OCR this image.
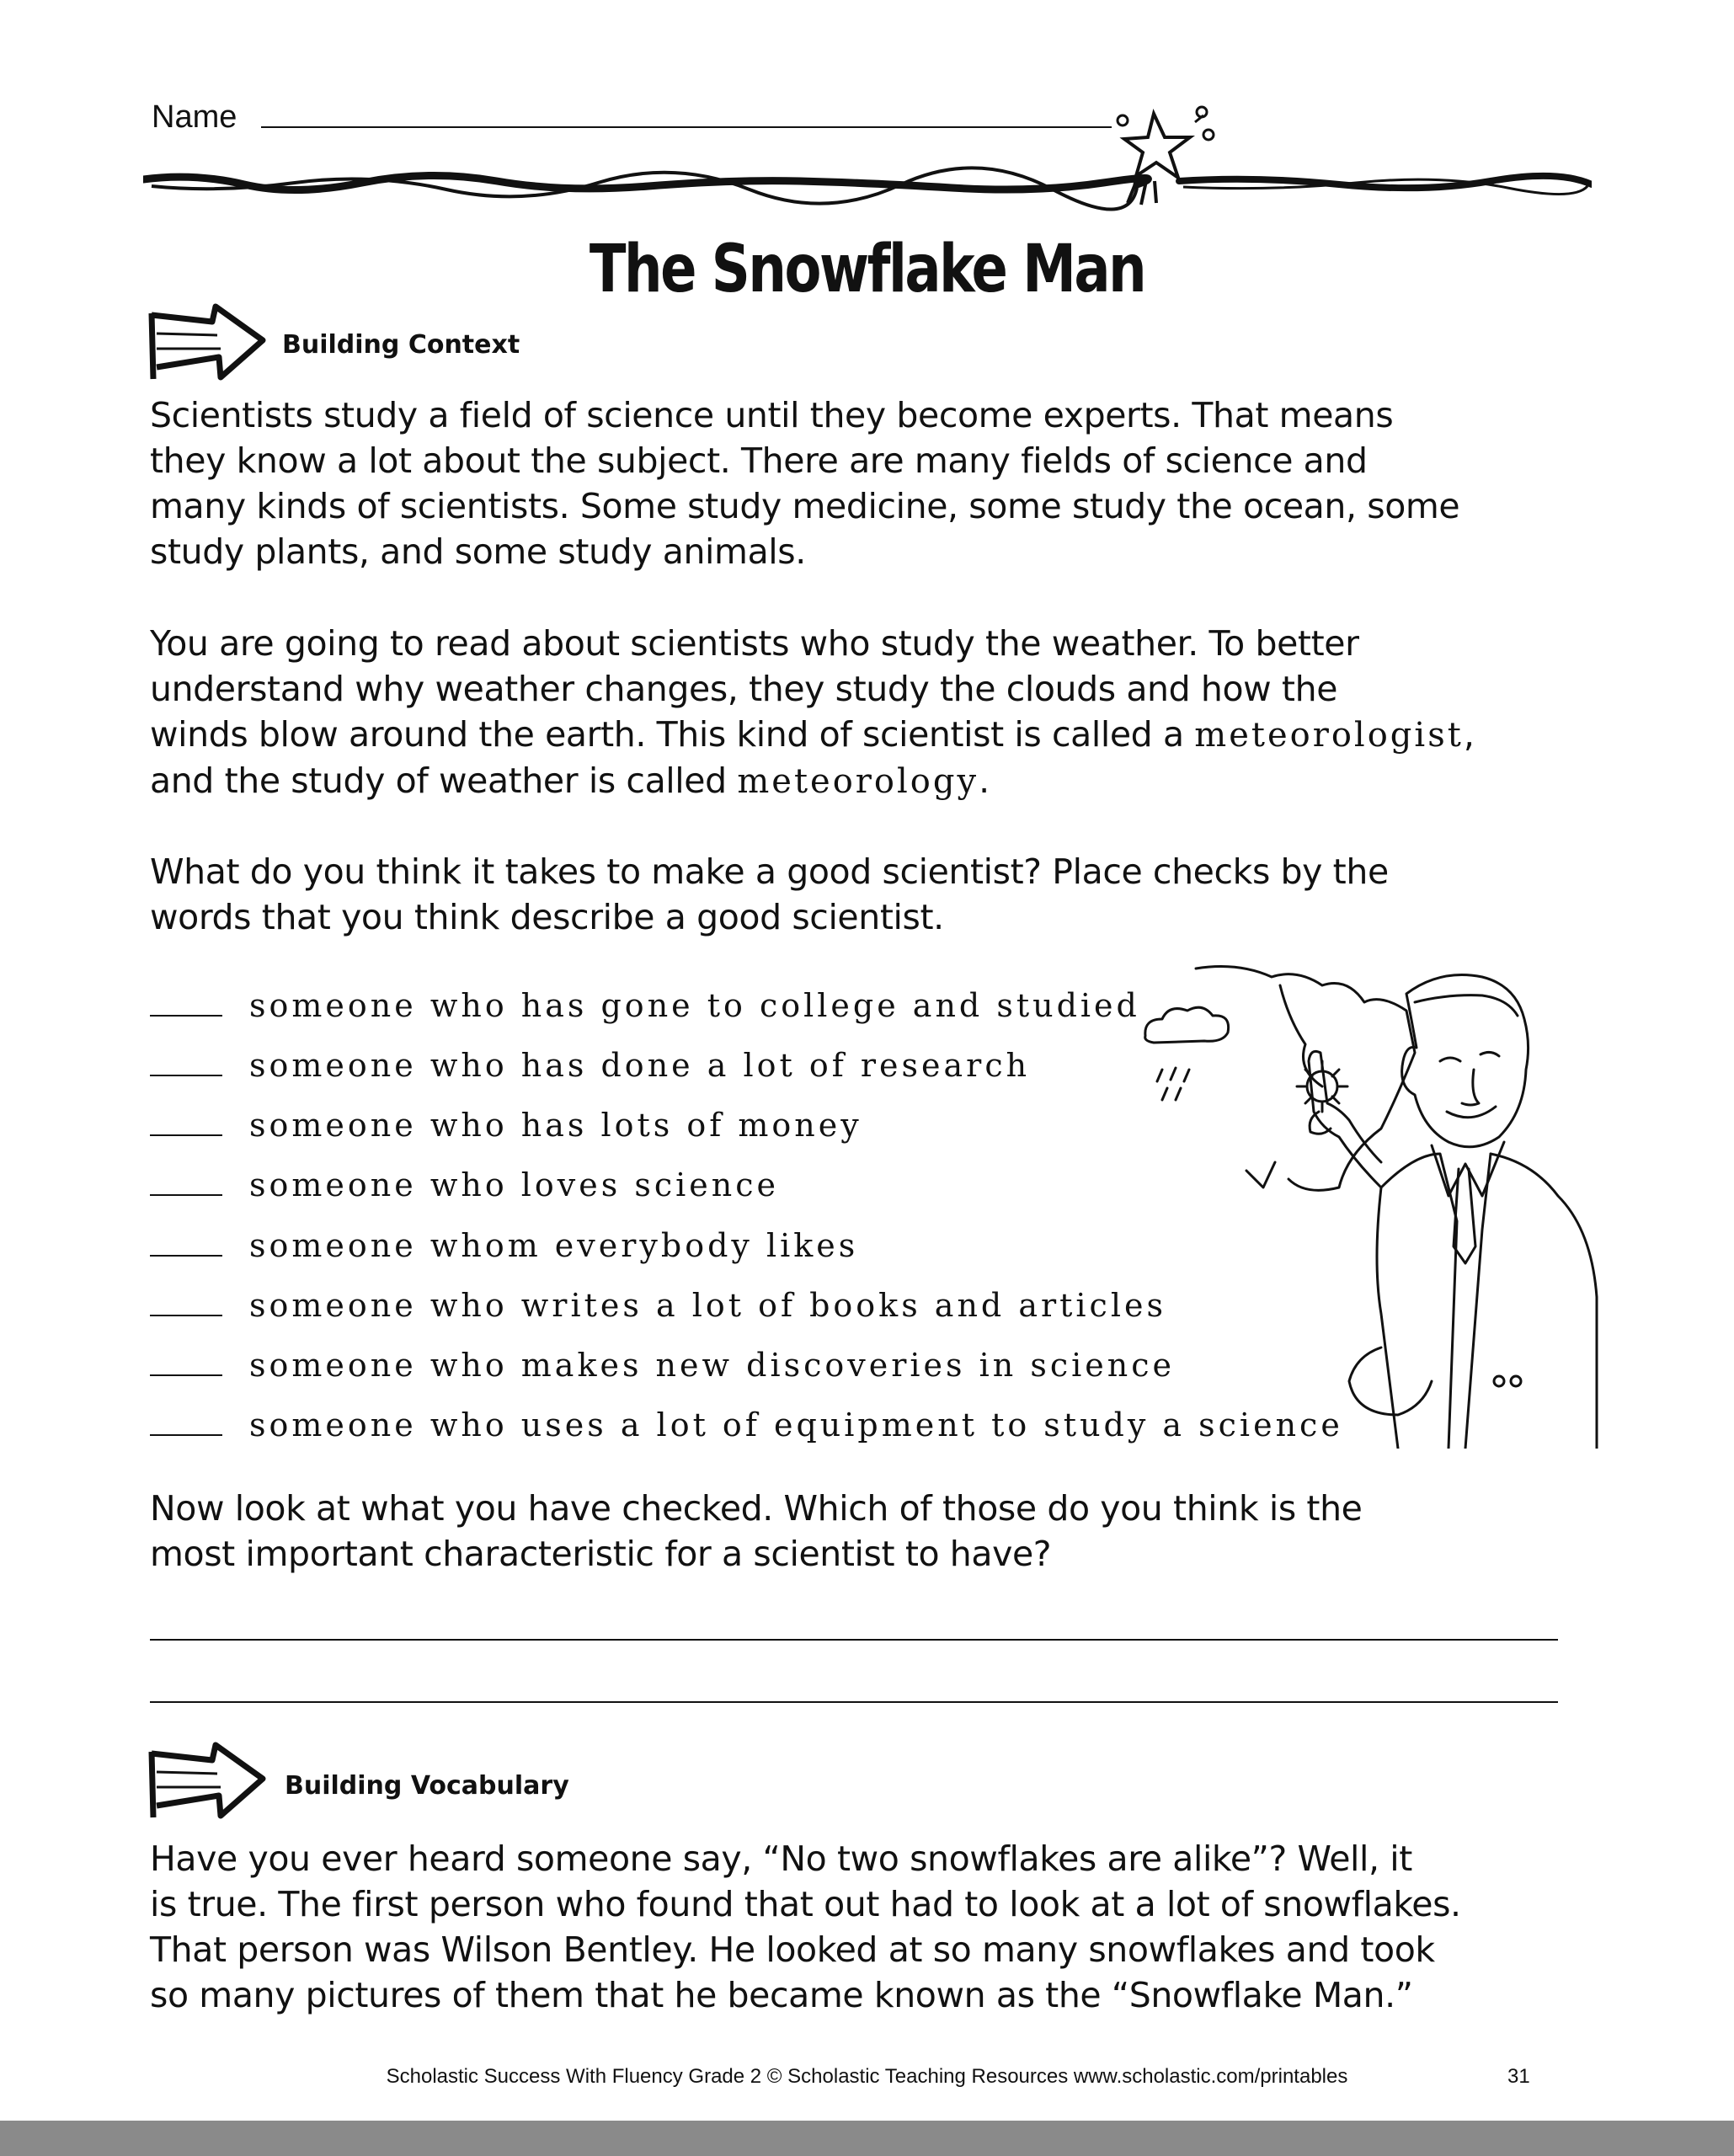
Name
The Snowflake Man
Building Context
Scientists study a field of science until they become experts. That means
they know a lot about the subject. There are many fields of science and
many kinds of scientists. Some study medicine, some study the ocean, some
study plants, and some study animals.
You are going to read about scientists who study the weather. To better
understand why weather changes, they study the clouds and how the
winds blow around the earth. This kind of scientist is called a meteorologist,
and the study of weather is called meteorology.
What do you think it takes to make a good scientist? Place checks by the
words that you think describe a good scientist.
someone who has gone to college and studied
someone who has done a lot of research
someone who has lots of money
someone who loves science
someone whom everybody likes
someone who writes a lot of books and articles
someone who makes new discoveries in science
someone who uses a lot of equipment to study a science
Now look at what you have checked. Which of those do you think is the
most important characteristic for a scientist to have?
Building Vocabulary
Have you ever heard someone say, “No two snowflakes are alike”? Well, it
is true. The first person who found that out had to look at a lot of snowflakes.
That person was Wilson Bentley. He looked at so many snowflakes and took
so many pictures of them that he became known as the “Snowflake Man.”
Scholastic Success With Fluency Grade 2 © Scholastic Teaching Resources www.scholastic.com/printables	31
